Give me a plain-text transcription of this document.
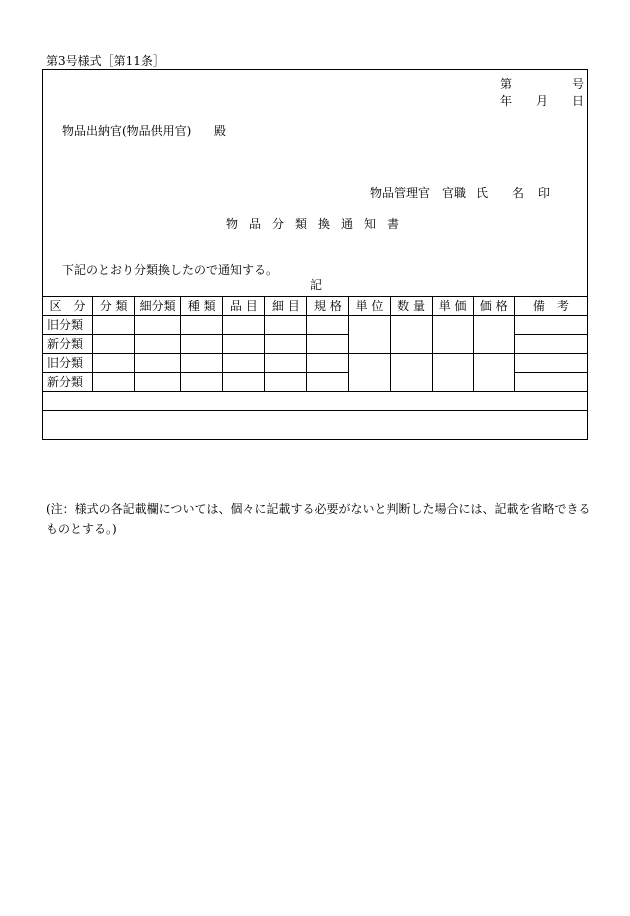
第3号様式［第11条］
第	号
年 月 日
物品出納官(物品供用官) 殿
物品管理官 官職 氏 名 印
物品分類換通知書
下記のとおり分類換したので通知する。
記
区　分	分 類	細分類	種 類	品 目	細 目	規 格	単 位	数 量	単 価	価 格	備　考
旧分類											
新分類											
旧分類											
新分類											

(注：様式の各記載欄については、個々に記載する必要がないと判断した場合には、記載を省略できる
ものとする。)
